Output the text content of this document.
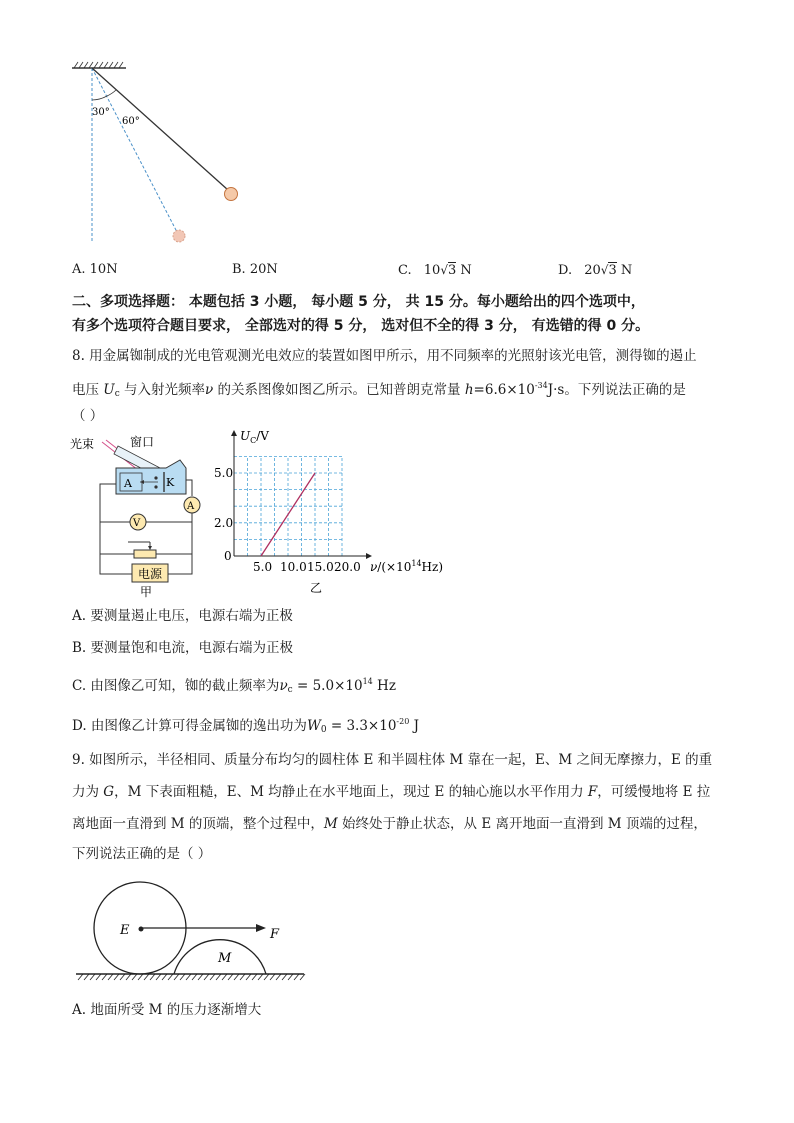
30°
60°
A. 10N	B. 20N	C. 10√3 N	D. 20√3 N
二、多项选择题： 本题包括 3 小题， 每小题 5 分， 共 15 分。每小题给出的四个选项中，
有多个选项符合题目要求， 全部选对的得 5 分， 选对但不全的得 3 分， 有选错的得 0 分。
8. 用金属铷制成的光电管观测光电效应的装置如图甲所示，用不同频率的光照射该光电管，测得铷的遏止
电压 $U_c$ 与入射光频率ν 的关系图像如图乙所示。已知普朗克常量 $h=6.6\times 10^{-34}J\cdot s$。下列说法正确的是
（ ）
光束	窗口
A	K
A
V
电源
甲
$U_C/V$
$\nu/(\times 10^{14}Hz)$
乙
5.0 10.0 15.0 20.0
0
2.0
5.0
A. 要测量遏止电压，电源右端为正极
B. 要测量饱和电流，电源右端为正极
C. 由图像乙可知，铷的截止频率为$\nu_c = 5.0\times 10^{14}$ Hz
D. 由图像乙计算可得金属铷的逸出功为$W_0 = 3.3\times 10^{-20}$ J
9. 如图所示，半径相同、质量分布均匀的圆柱体 E 和半圆柱体 M 靠在一起，E、M 之间无摩擦力，E 的重
力为 G，M 下表面粗糙，E、M 均静止在水平地面上，现过 E 的轴心施以水平作用力 F，可缓慢地将 E 拉
离地面一直滑到 M 的顶端，整个过程中，M 始终处于静止状态，从 E 离开地面一直滑到 M 顶端的过程，
下列说法正确的是（ ）
E
M
F
A. 地面所受 M 的压力逐渐增大
